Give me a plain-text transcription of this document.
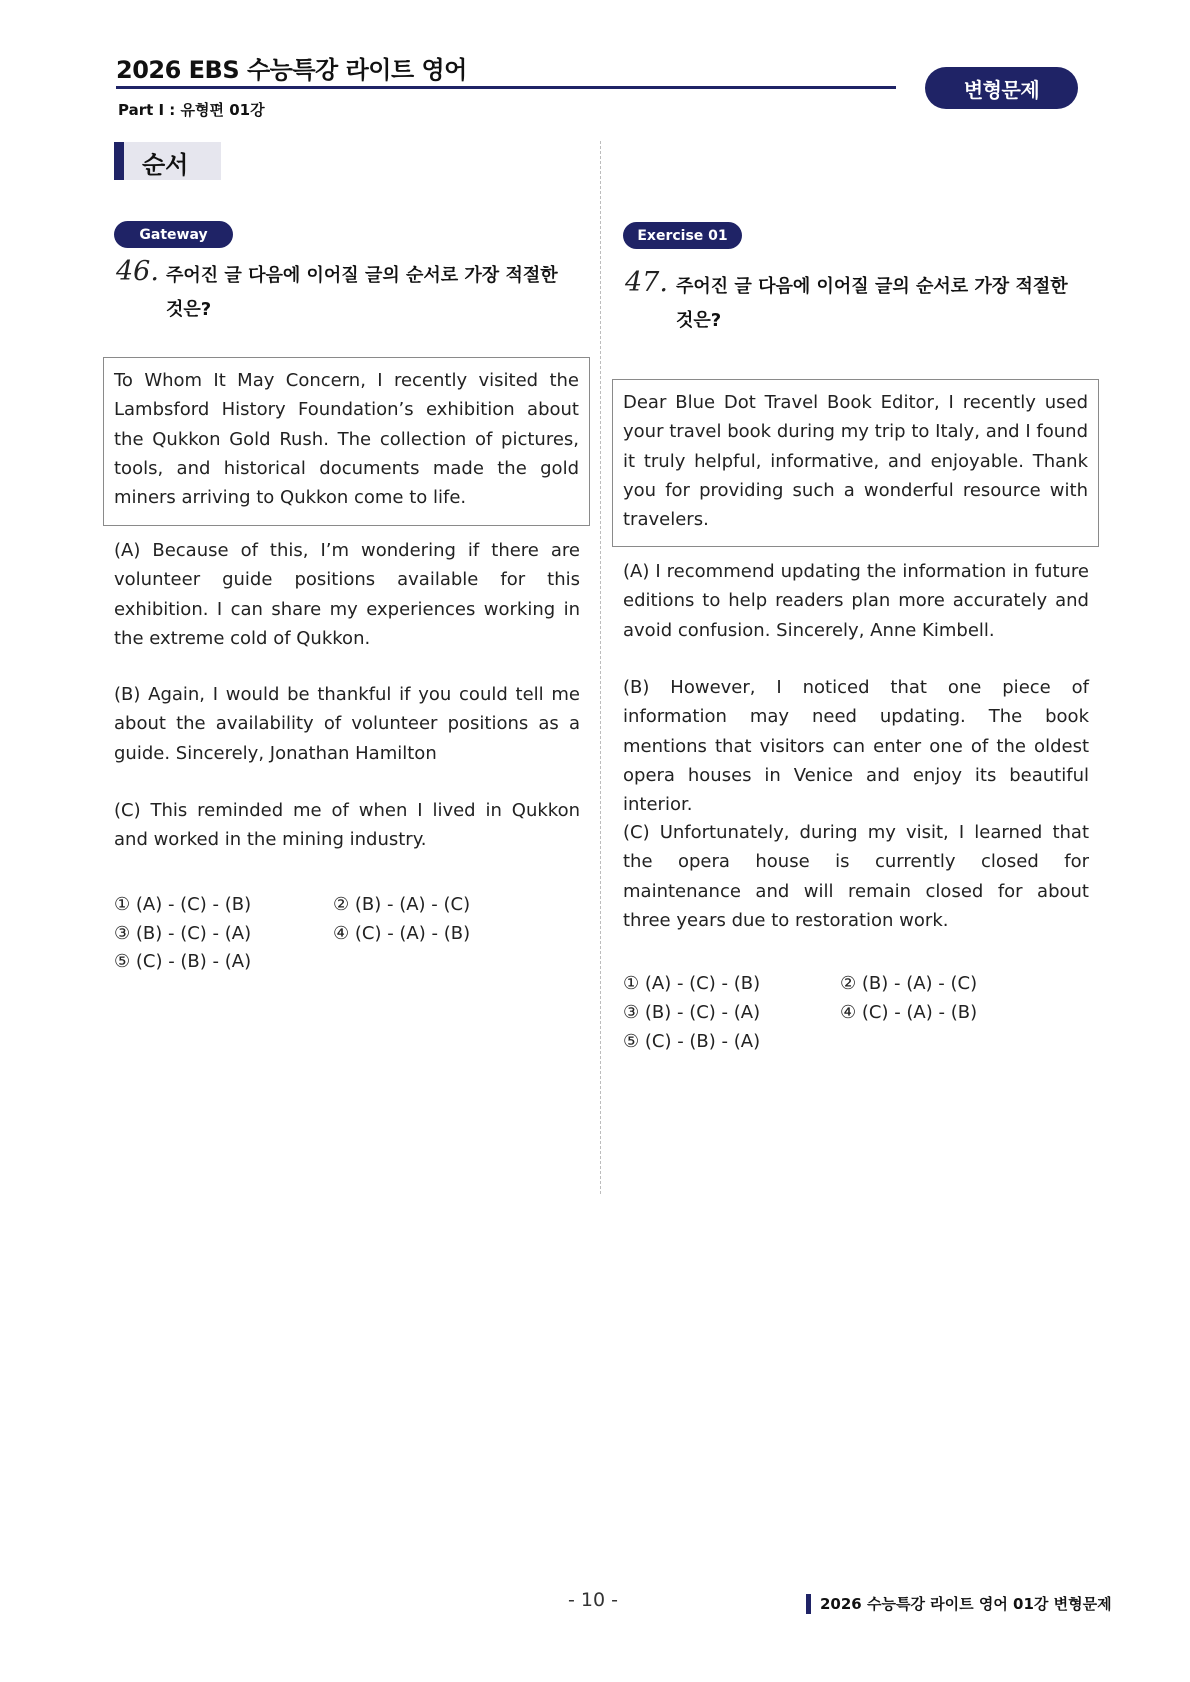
2026 EBS 수능특강 라이트 영어
Part Ⅰ : 유형편 01강
변형문제
순서
Gateway
46. 주어진 글 다음에 이어질 글의 순서로 가장 적절한 것은?
To Whom It May Concern, I recently visited the Lambsford History Foundation’s exhibition about the Qukkon Gold Rush. The collection of pictures, tools, and historical documents made the gold miners arriving to Qukkon come to life.
(A) Because of this, I’m wondering if there are volunteer guide positions available for this exhibition. I can share my experiences working in the extreme cold of Qukkon.
(B) Again, I would be thankful if you could tell me about the availability of volunteer positions as a guide. Sincerely, Jonathan Hamilton
(C) This reminded me of when I lived in Qukkon and worked in the mining industry.
① (A) - (C) - (B)	② (B) - (A) - (C)
③ (B) - (C) - (A)	④ (C) - (A) - (B)
⑤ (C) - (B) - (A)
Exercise 01
47. 주어진 글 다음에 이어질 글의 순서로 가장 적절한 것은?
Dear Blue Dot Travel Book Editor, I recently used your travel book during my trip to Italy, and I found it truly helpful, informative, and enjoyable. Thank you for providing such a wonderful resource with travelers.
(A) I recommend updating the information in future editions to help readers plan more accurately and avoid confusion. Sincerely, Anne Kimbell.
(B) However, I noticed that one piece of information may need updating. The book mentions that visitors can enter one of the oldest opera houses in Venice and enjoy its beautiful interior.
(C) Unfortunately, during my visit, I learned that the opera house is currently closed for maintenance and will remain closed for about three years due to restoration work.
① (A) - (C) - (B)	② (B) - (A) - (C)
③ (B) - (C) - (A)	④ (C) - (A) - (B)
⑤ (C) - (B) - (A)
- 10 -	2026 수능특강 라이트 영어 01강 변형문제
